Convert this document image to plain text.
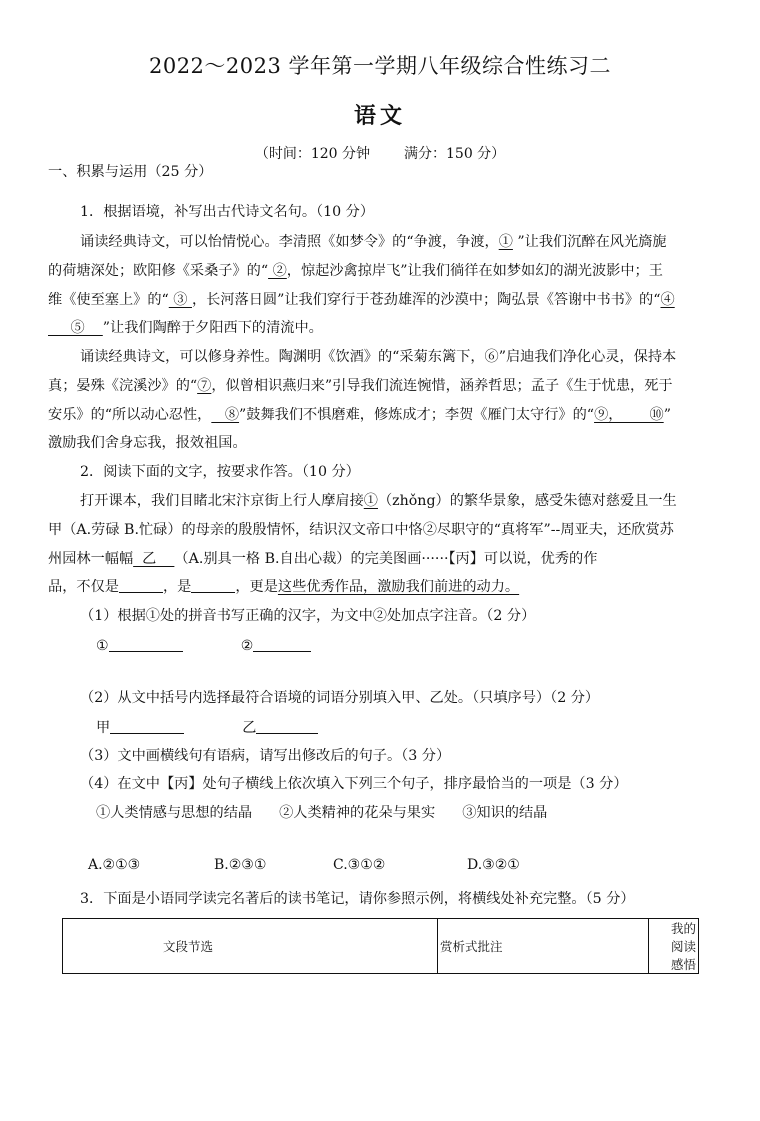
2022～2023 学年第一学期八年级综合性练习二
语文
（时间：120 分钟 满分：150 分）
一、积累与运用（25 分）
1．根据语境，补写出古代诗文名句。（10 分）
诵读经典诗文，可以怡情悦心。李清照《如梦令》的“争渡，争渡，① ”让我们沉醉在风光旖旎
的荷塘深处；欧阳修《采桑子》的“ ②，惊起沙禽掠岸飞”让我们徜徉在如梦如幻的湖光波影中；王
维《使至塞上》的“ ③ ，长河落日圆”让我们穿行于苍劲雄浑的沙漠中；陶弘景《答谢中书书》的“④
⑤    ”让我们陶醉于夕阳西下的清流中。
诵读经典诗文，可以修身养性。陶渊明《饮酒》的“采菊东篱下，⑥”启迪我们净化心灵，保持本
真；晏殊《浣溪沙》的“⑦，似曾相识燕归来”引导我们流连惋惜，涵养哲思；孟子《生于忧患，死于
安乐》的“所以动心忍性，   ⑧”鼓舞我们不惧磨难，修炼成才；李贺《雁门太守行》的“⑨，      ⑩”
激励我们舍身忘我，报效祖国。
2．阅读下面的文字，按要求作答。（10 分）
打开课本，我们目睹北宋汴京街上行人摩肩接①（zhǒng）的繁华景象，感受朱德对慈爱且一生
甲（A.劳碌 B.忙碌）的母亲的殷殷情怀，结识汉文帝口中恪②尽职守的“真将军”--周亚夫，还欣赏苏
州园林一幅幅  乙    （A.别具一格 B.自出心裁）的完美图画······【丙】可以说，优秀的作
品，不仅是	，是	，更是这些优秀作品，激励我们前进的动力。
（1）根据①处的拼音书写正确的汉字，为文中②处加点字注音。（2 分）
①	②
（2）从文中括号内选择最符合语境的词语分别填入甲、乙处。（只填序号）（2 分）
甲	乙
（3）文中画横线句有语病，请写出修改后的句子。（3 分）
（4）在文中【丙】处句子横线上依次填入下列三个句子，排序最恰当的一项是（3 分）
①人类情感与思想的结晶      ②人类精神的花朵与果实      ③知识的结晶
A.②①③	B.②③①	C.③①②	D.③②①
3．下面是小语同学读完名著后的读书笔记，请你参照示例，将横线处补充完整。（5 分）
文段节选	赏析式批注	我的阅读感悟
